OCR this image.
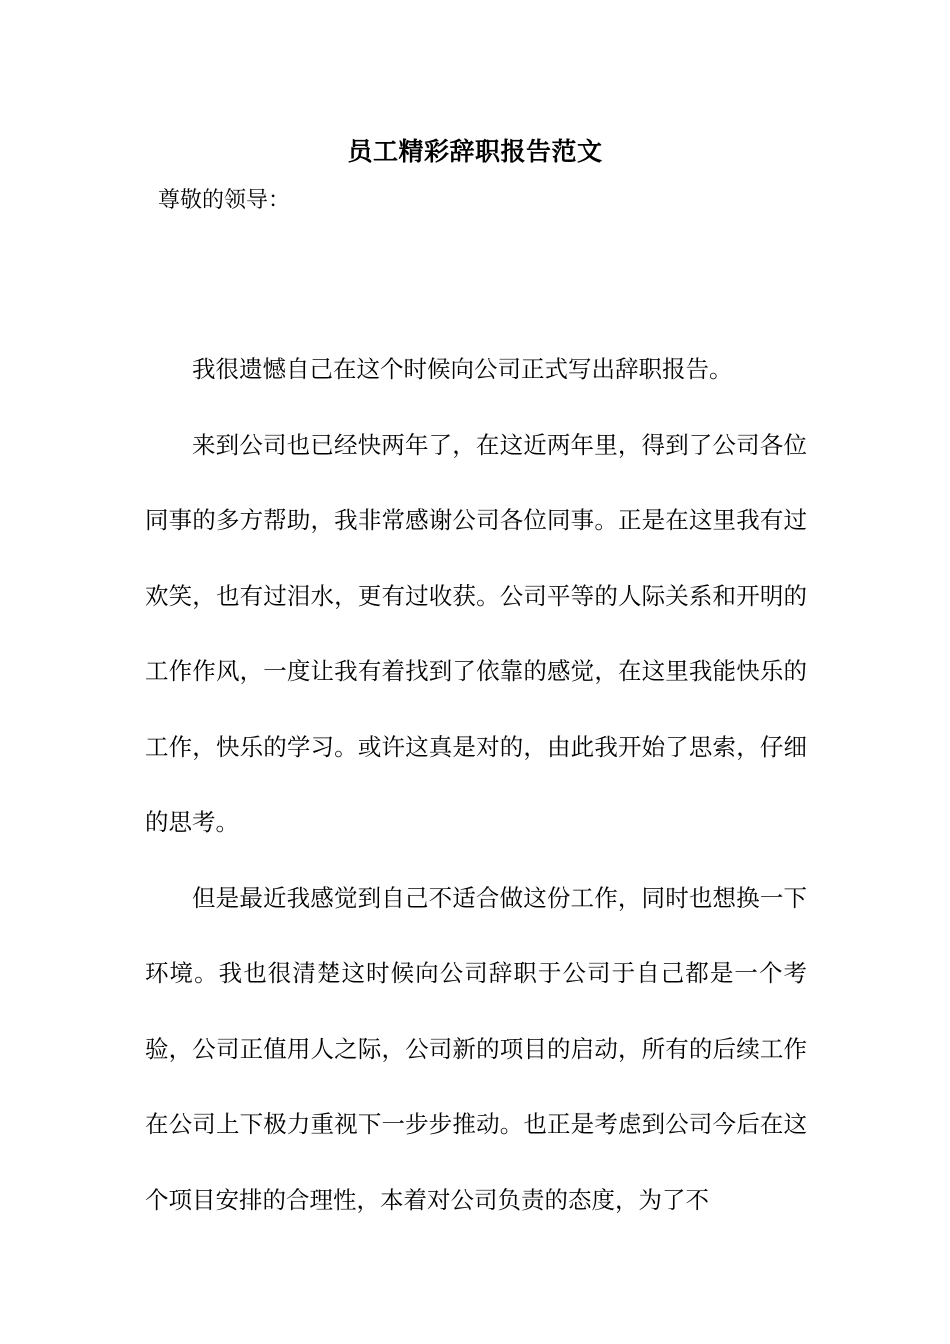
员工精彩辞职报告范文
尊敬的领导：

我很遗憾自己在这个时候向公司正式写出辞职报告。

来到公司也已经快两年了，在这近两年里，得到了公司各位同事的多方帮助，我非常感谢公司各位同事。正是在这里我有过欢笑，也有过泪水，更有过收获。公司平等的人际关系和开明的工作作风，一度让我有着找到了依靠的感觉，在这里我能快乐的工作，快乐的学习。或许这真是对的，由此我开始了思索，仔细的思考。

但是最近我感觉到自己不适合做这份工作，同时也想换一下环境。我也很清楚这时候向公司辞职于公司于自己都是一个考验，公司正值用人之际，公司新的项目的启动，所有的后续工作在公司上下极力重视下一步步推动。也正是考虑到公司今后在这个项目安排的合理性，本着对公司负责的态度，为了不
